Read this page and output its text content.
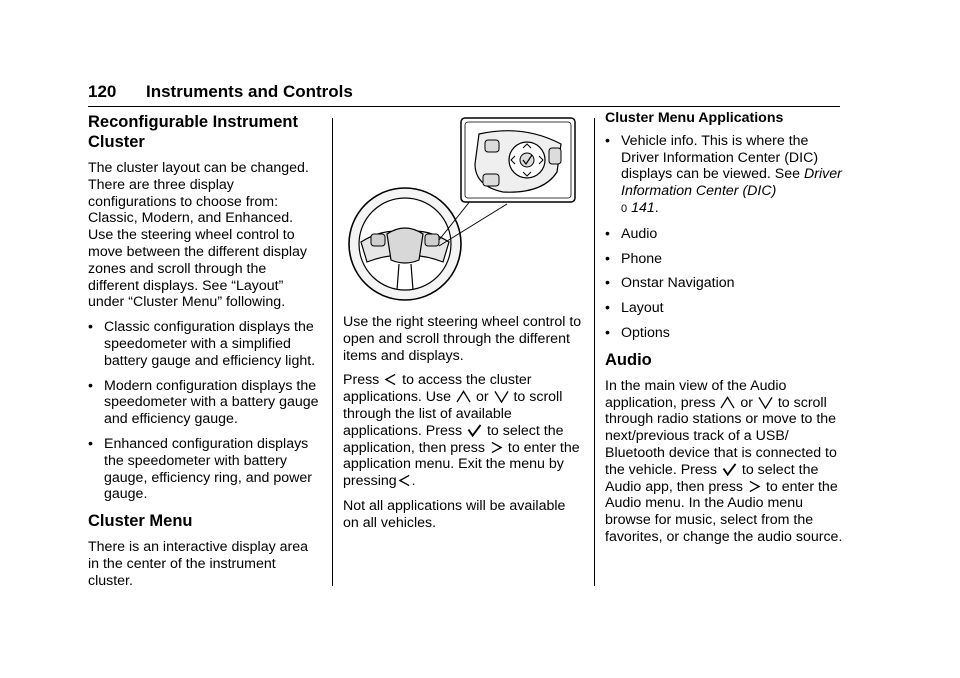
120 Instruments and Controls
Reconfigurable Instrument Cluster

The cluster layout can be changed. There are three display configurations to choose from: Classic, Modern, and Enhanced. Use the steering wheel control to move between the different display zones and scroll through the different displays. See “Layout” under “Cluster Menu” following.

• Classic configuration displays the speedometer with a simplified battery gauge and efficiency light.
• Modern configuration displays the speedometer with a battery gauge and efficiency gauge.
• Enhanced configuration displays the speedometer with battery gauge, efficiency ring, and power gauge.
Cluster Menu

There is an interactive display area in the center of the instrument cluster.

Use the right steering wheel control to open and scroll through the different items and displays.

Press to access the cluster applications. Use or to scroll through the list of available applications. Press to select the application, then press to enter the application menu. Exit the menu by pressing .

Not all applications will be available on all vehicles.

Cluster Menu Applications

• Vehicle info. This is where the Driver Information Center (DIC) displays can be viewed. See Driver Information Center (DIC)
0 141.
• Audio
• Phone
• Onstar Navigation
• Layout
• Options
Audio

In the main view of the Audio application, press or to scroll through radio stations or move to the next/previous track of a USB/ Bluetooth device that is connected to the vehicle. Press to select the Audio app, then press to enter the Audio menu. In the Audio menu browse for music, select from the favorites, or change the audio source.
